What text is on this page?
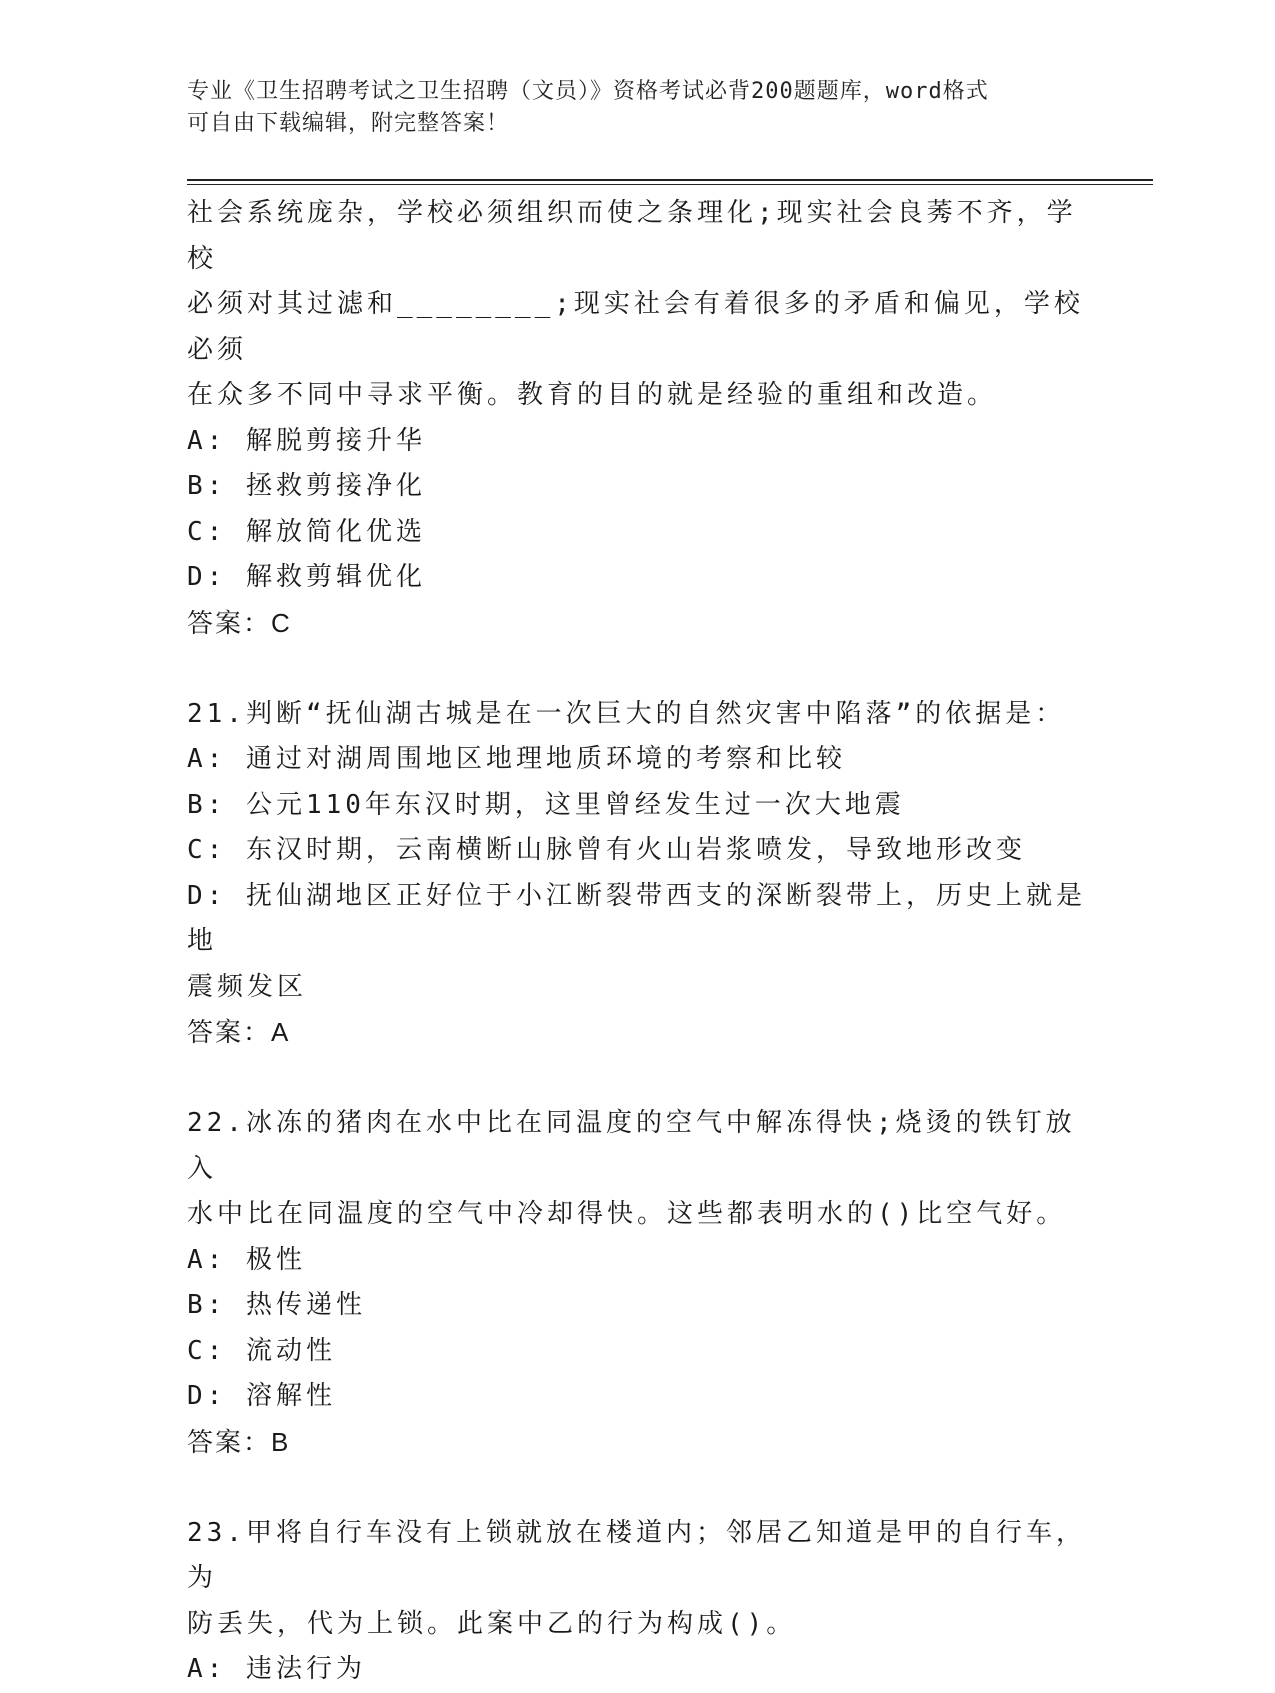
专业《卫生招聘考试之卫生招聘（文员）》资格考试必背200题题库，word格式
可自由下载编辑，附完整答案！
社会系统庞杂，学校必须组织而使之条理化;现实社会良莠不齐，学校
必须对其过滤和________;现实社会有着很多的矛盾和偏见，学校必须
在众多不同中寻求平衡。教育的目的就是经验的重组和改造。
A: 解脱剪接升华
B: 拯救剪接净化
C: 解放简化优选
D: 解救剪辑优化
答案：C
21.判断“抚仙湖古城是在一次巨大的自然灾害中陷落”的依据是：
A: 通过对湖周围地区地理地质环境的考察和比较
B: 公元110年东汉时期，这里曾经发生过一次大地震
C: 东汉时期，云南横断山脉曾有火山岩浆喷发，导致地形改变
D: 抚仙湖地区正好位于小江断裂带西支的深断裂带上，历史上就是地
震频发区
答案：A
22.冰冻的猪肉在水中比在同温度的空气中解冻得快;烧烫的铁钉放入
水中比在同温度的空气中冷却得快。这些都表明水的()比空气好。
A: 极性
B: 热传递性
C: 流动性
D: 溶解性
答案：B
23.甲将自行车没有上锁就放在楼道内；邻居乙知道是甲的自行车，为
防丢失，代为上锁。此案中乙的行为构成()。
A: 违法行为
